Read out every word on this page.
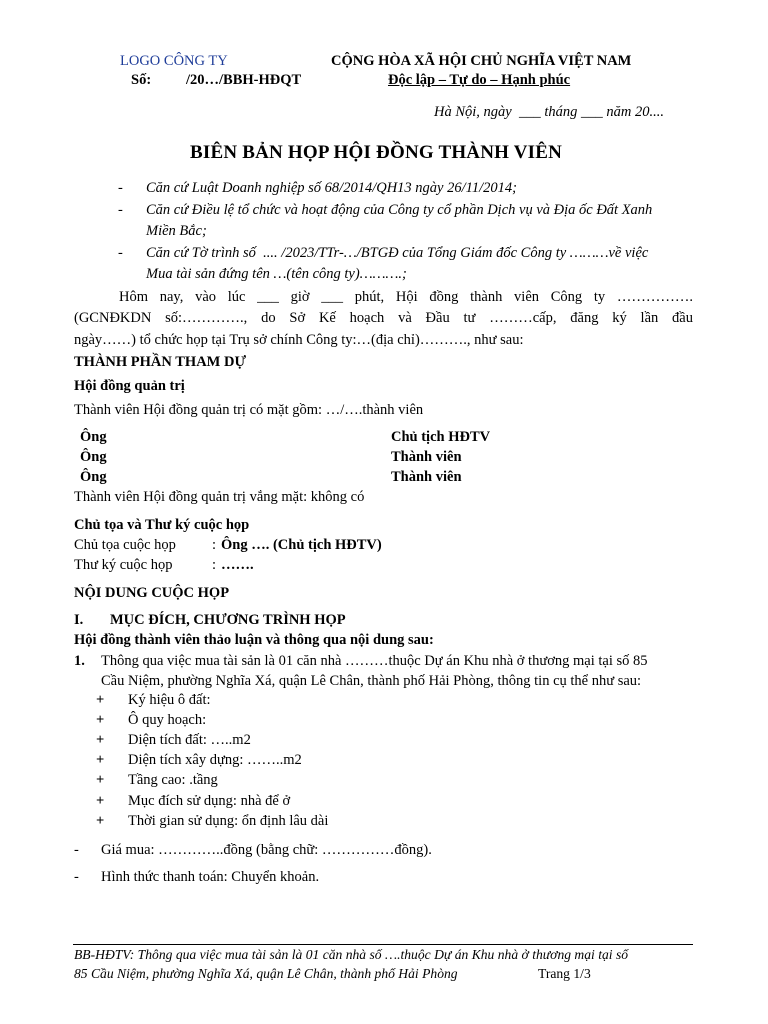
LOGO CÔNG TY
Số: /20…/BBH-HĐQT
CỘNG HÒA XÃ HỘI CHỦ NGHĨA VIỆT NAM
Độc lập – Tự do – Hạnh phúc
Hà Nội, ngày  ___ tháng ___ năm 20....
BIÊN BẢN HỌP HỘI ĐỒNG THÀNH VIÊN
- Căn cứ Luật Doanh nghiệp số 68/2014/QH13 ngày 26/11/2014;
- Căn cứ Điều lệ tổ chức và hoạt động của Công ty cổ phần Dịch vụ và Địa ốc Đất Xanh
Miền Bắc;
- Căn cứ Tờ trình số  .... /2023/TTr-…/BTGĐ của Tổng Giám đốc Công ty ………về việc
Mua tài sản đứng tên …(tên công ty)……….;
Hôm nay, vào lúc ___ giờ ___ phút, Hội đồng thành viên Công ty …………….
(GCNĐKDN số:…………., do Sở Kế hoạch và Đầu tư ………cấp, đăng ký lần đầu
ngày……) tổ chức họp tại Trụ sở chính Công ty:…(địa chỉ)………., như sau:
THÀNH PHẦN THAM DỰ
Hội đồng quản trị
Thành viên Hội đồng quản trị có mặt gồm: …/….thành viên
Ông	Chủ tịch HĐTV
Ông	Thành viên
Ông	Thành viên
Thành viên Hội đồng quản trị vắng mặt: không có
Chủ tọa và Thư ký cuộc họp
Chủ tọa cuộc họp : Ông …. (Chủ tịch HĐTV)
Thư ký cuộc họp	: …….
NỘI DUNG CUỘC HỌP
I. MỤC ĐÍCH, CHƯƠNG TRÌNH HỌP
Hội đồng thành viên thảo luận và thông qua nội dung sau:
1. Thông qua việc mua tài sản là 01 căn nhà ………thuộc Dự án Khu nhà ở thương mại tại số 85
Cầu Niệm, phường Nghĩa Xá, quận Lê Chân, thành phố Hải Phòng, thông tin cụ thể như sau:
+ Ký hiệu ô đất:
+ Ô quy hoạch:
+ Diện tích đất: …..m2
+ Diện tích xây dựng: ……..m2
+ Tầng cao: .tầng
+ Mục đích sử dụng: nhà để ở
+ Thời gian sử dụng: ổn định lâu dài
- Giá mua: …………..đồng (bằng chữ: ……………đồng).
- Hình thức thanh toán: Chuyển khoản.
BB-HĐTV: Thông qua việc mua tài sản là 01 căn nhà số ….thuộc Dự án Khu nhà ở thương mại tại số
85 Cầu Niệm, phường Nghĩa Xá, quận Lê Chân, thành phố Hải Phòng	Trang 1/3
